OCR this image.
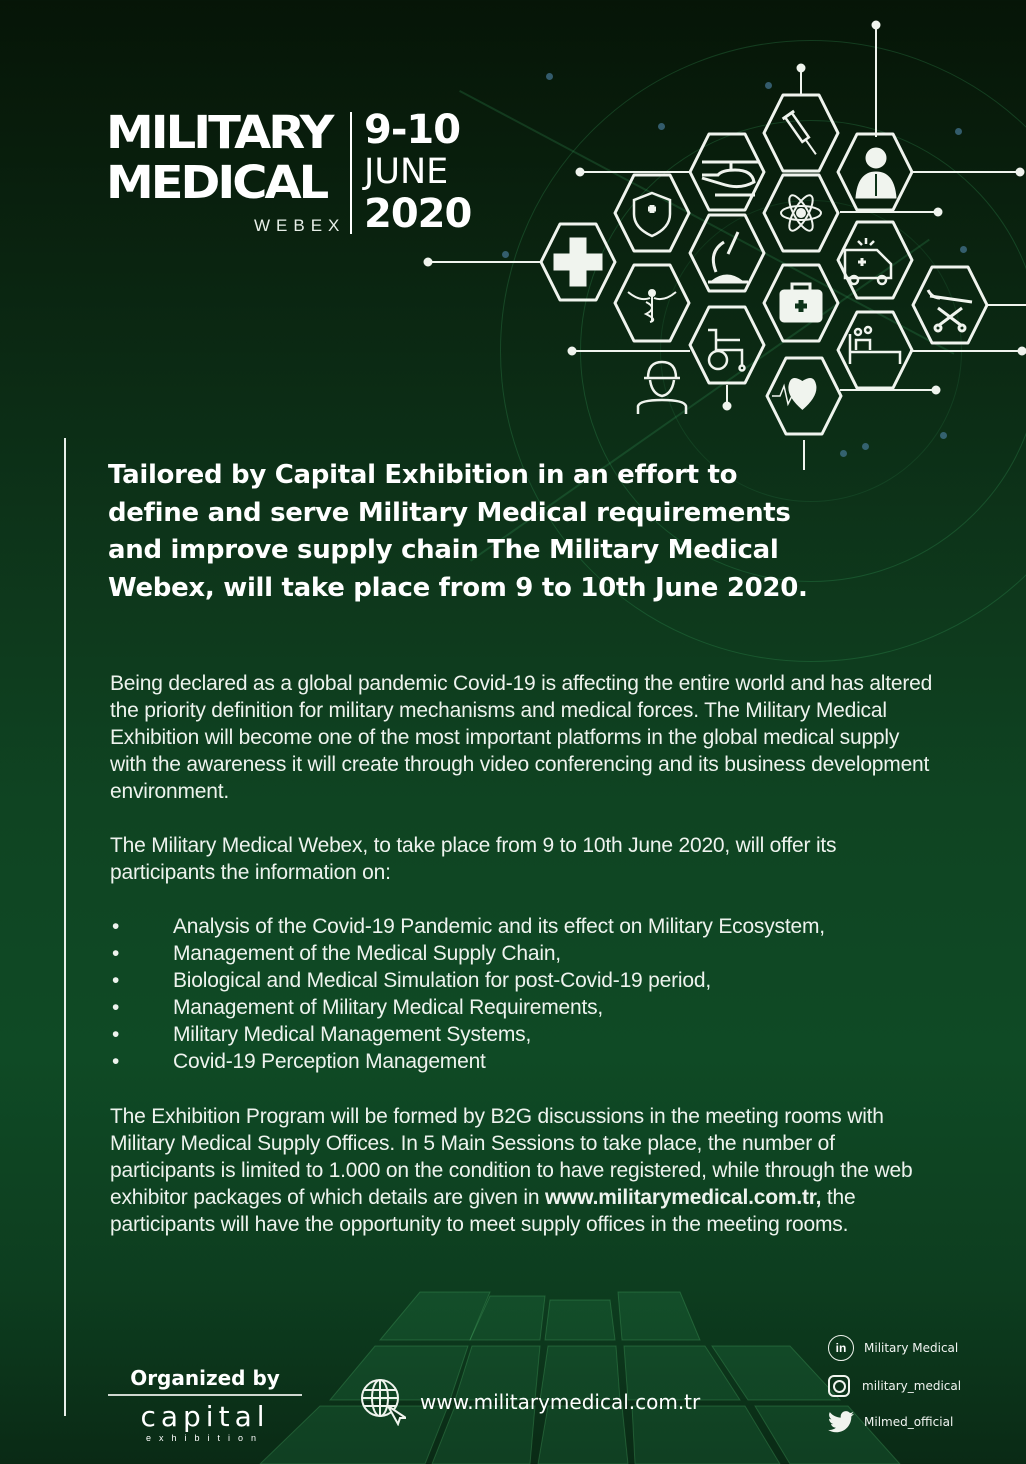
MILITARY
MEDICAL
WEBEX
9-10
JUNE
2020
Tailored by Capital Exhibition in an effort to define and serve Military Medical requirements and improve supply chain The Military Medical Webex, will take place from 9 to 10th June 2020.
Being declared as a global pandemic Covid-19 is affecting the entire world and has altered the priority definition for military mechanisms and medical forces. The Military Medical Exhibition will become one of the most important platforms in the global medical supply with the awareness it will create through video conferencing and its business development environment.
The Military Medical Webex, to take place from 9 to 10th June 2020, will offer its participants the information on:
•	Analysis of the Covid-19 Pandemic and its effect on Military Ecosystem,
•	Management of the Medical Supply Chain,
•	Biological and Medical Simulation for post-Covid-19 period,
•	Management of Military Medical Requirements,
•	Military Medical Management Systems,
•	Covid-19 Perception Management
The Exhibition Program will be formed by B2G discussions in the meeting rooms with Military Medical Supply Offices. In 5 Main Sessions to take place, the number of participants is limited to 1.000 on the condition to have registered, while through the web exhibitor packages of which details are given in www.militarymedical.com.tr, the participants will have the opportunity to meet supply offices in the meeting rooms.
Organized by
capital
exhibition
www.militarymedical.com.tr
in	Military Medical
military_medical
Milmed_official
